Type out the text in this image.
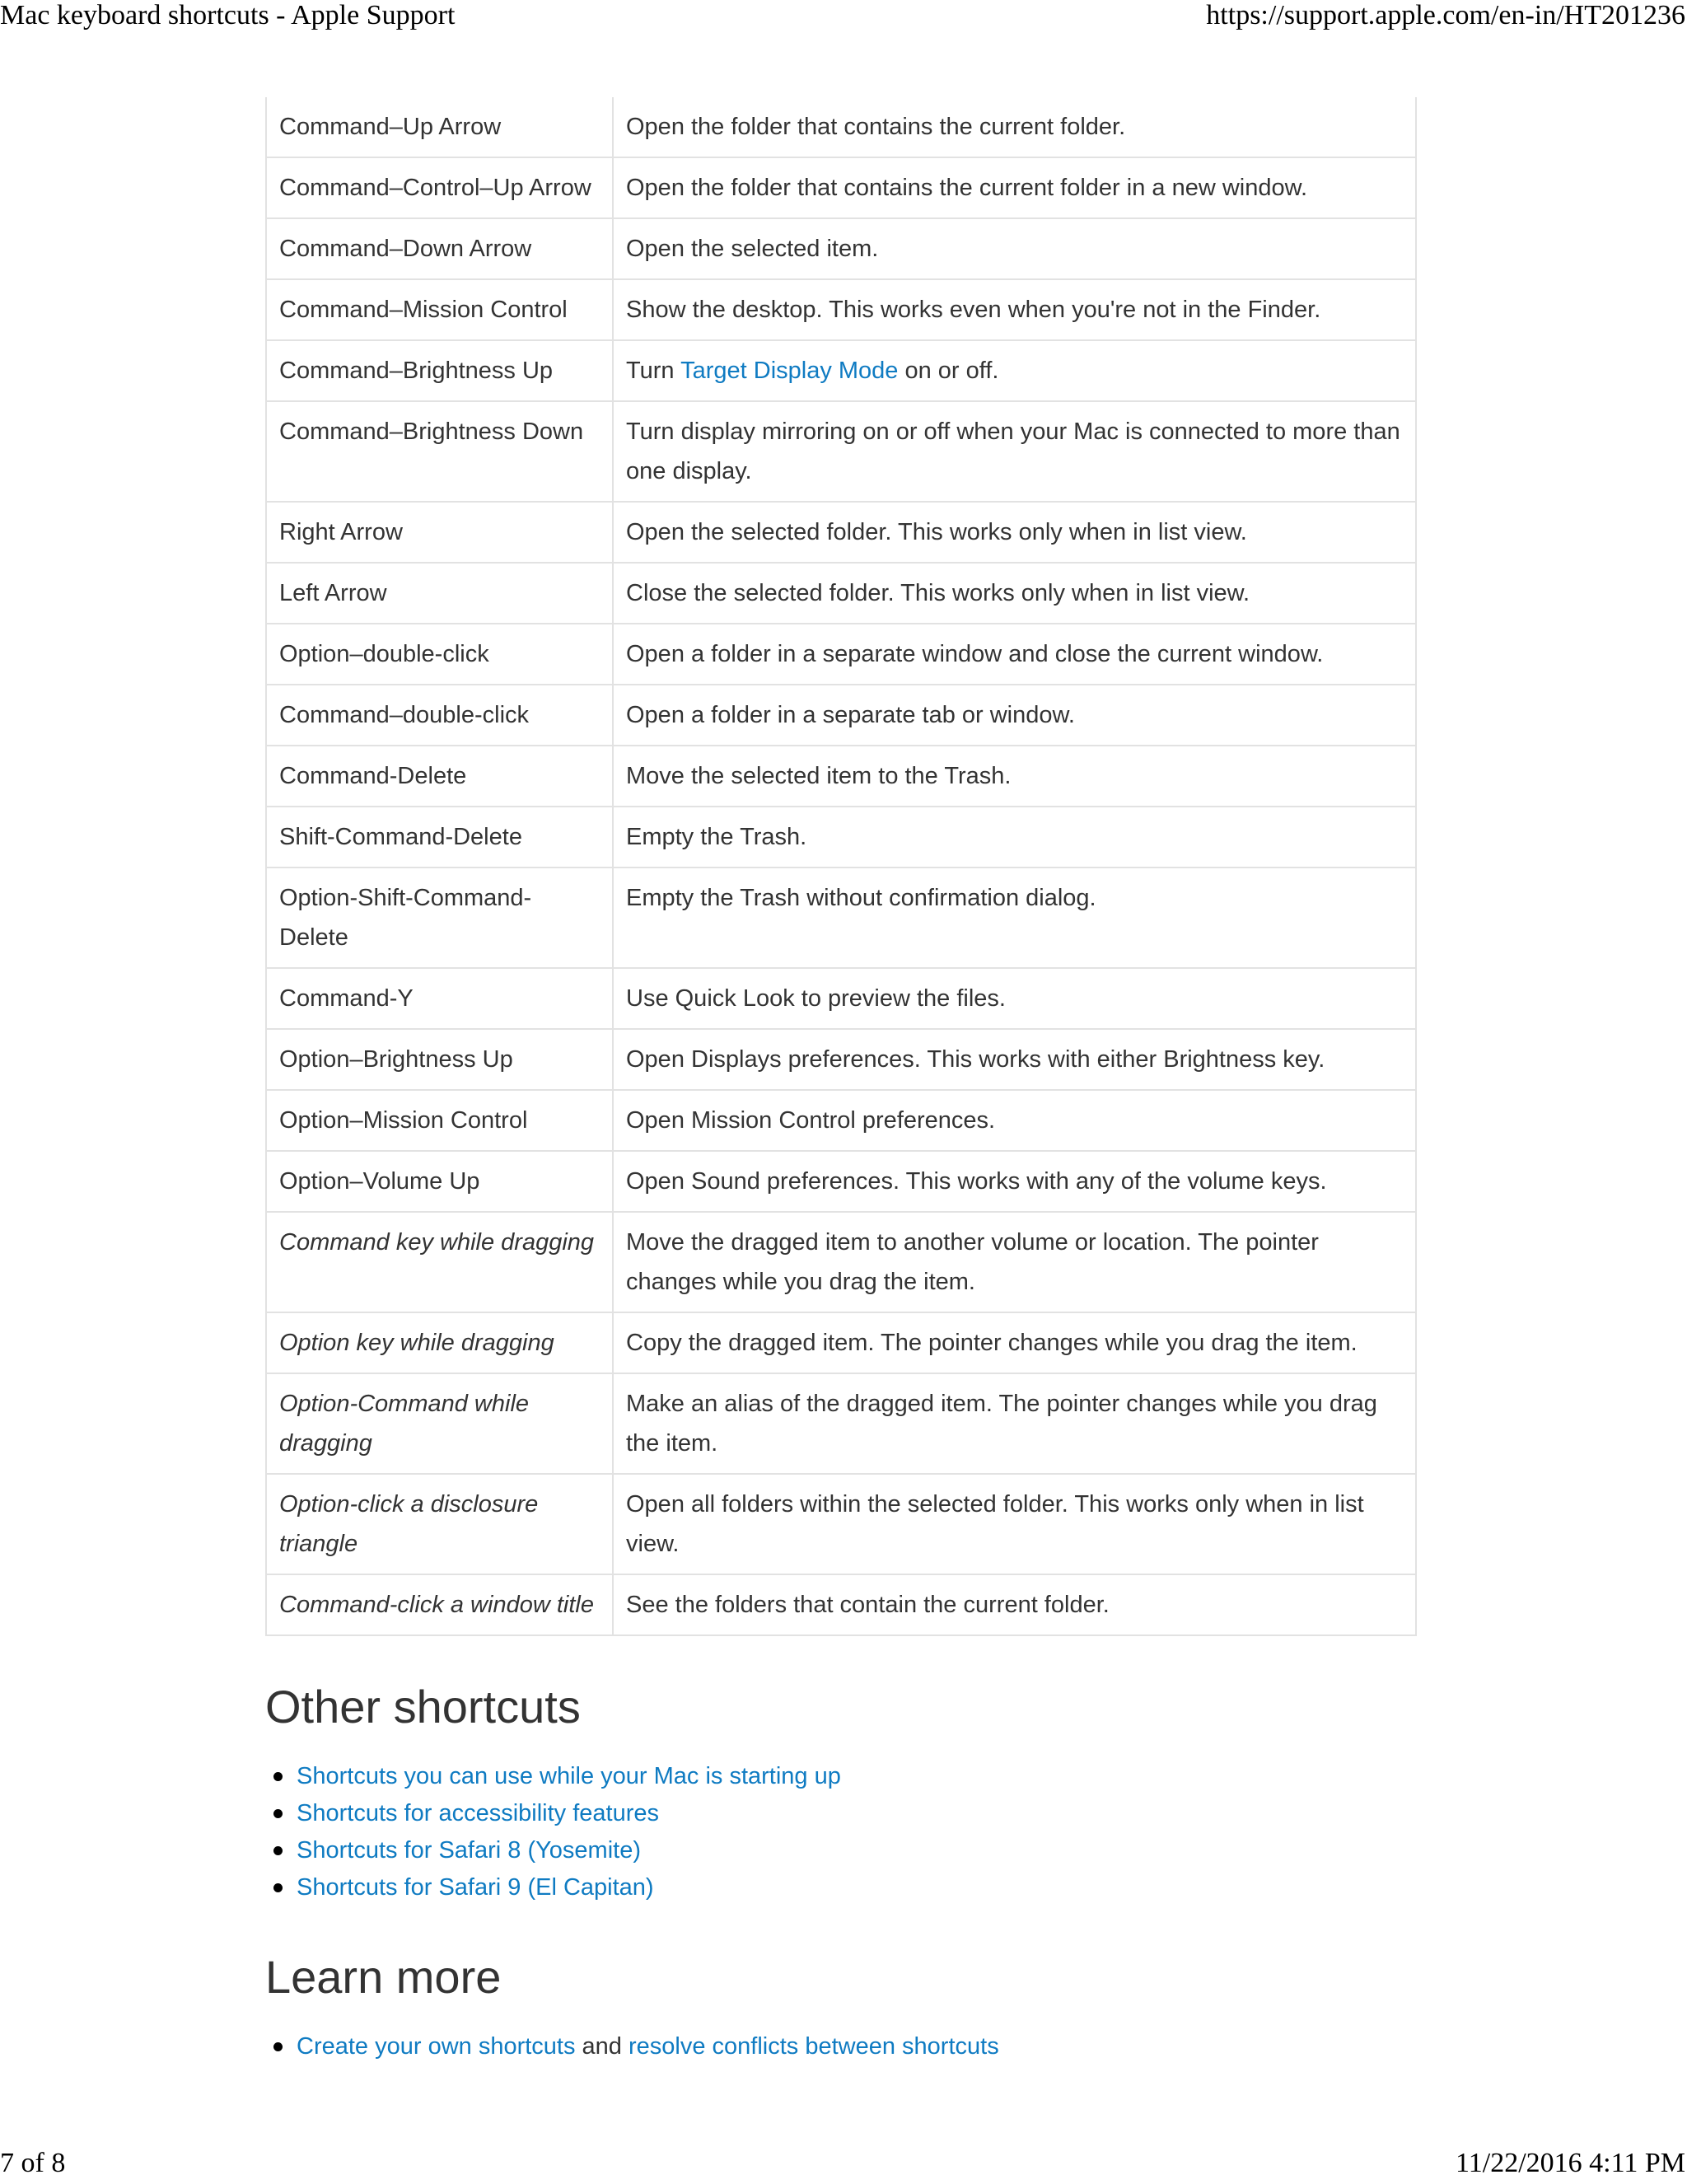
Mac keyboard shortcuts - Apple Support	https://support.apple.com/en-in/HT201236
Command–Up Arrow	Open the folder that contains the current folder.
Command–Control–Up Arrow	Open the folder that contains the current folder in a new window.
Command–Down Arrow	Open the selected item.
Command–Mission Control	Show the desktop. This works even when you're not in the Finder.
Command–Brightness Up	Turn Target Display Mode on or off.
Command–Brightness Down	Turn display mirroring on or off when your Mac is connected to more than one display.
Right Arrow	Open the selected folder. This works only when in list view.
Left Arrow	Close the selected folder. This works only when in list view.
Option–double-click	Open a folder in a separate window and close the current window.
Command–double-click	Open a folder in a separate tab or window.
Command-Delete	Move the selected item to the Trash.
Shift-Command-Delete	Empty the Trash.
Option-Shift-Command-Delete	Empty the Trash without confirmation dialog.
Command-Y	Use Quick Look to preview the files.
Option–Brightness Up	Open Displays preferences. This works with either Brightness key.
Option–Mission Control	Open Mission Control preferences.
Option–Volume Up	Open Sound preferences. This works with any of the volume keys.
Command key while dragging	Move the dragged item to another volume or location. The pointer changes while you drag the item.
Option key while dragging	Copy the dragged item. The pointer changes while you drag the item.
Option-Command while dragging	Make an alias of the dragged item. The pointer changes while you drag the item.
Option-click a disclosure triangle	Open all folders within the selected folder. This works only when in list view.
Command-click a window title	See the folders that contain the current folder.
Other shortcuts
Shortcuts you can use while your Mac is starting up
Shortcuts for accessibility features
Shortcuts for Safari 8 (Yosemite)
Shortcuts for Safari 9 (El Capitan)
Learn more
Create your own shortcuts and resolve conflicts between shortcuts
7 of 8	11/22/2016 4:11 PM
